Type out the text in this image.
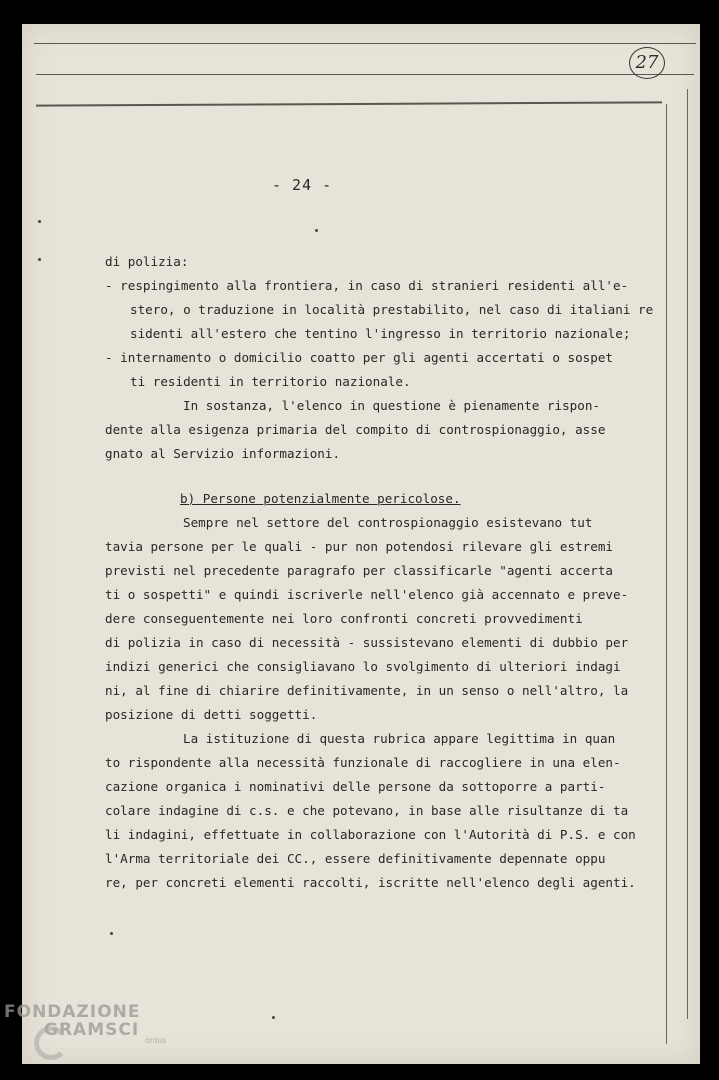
27
- 24 -
di polizia:
- respingimento alla frontiera, in caso di stranieri residenti all'e-
stero, o traduzione in località prestabilito, nel caso di italiani re
sidenti all'estero che tentino l'ingresso in territorio nazionale;
- internamento o domicilio coatto per gli agenti accertati o sospet
ti residenti in territorio nazionale.
In sostanza, l'elenco in questione è pienamente rispon-
dente alla esigenza primaria del compito di controspionaggio, asse
gnato al Servizio informazioni.
b) Persone potenzialmente pericolose.
Sempre nel settore del controspionaggio esistevano tut
tavia persone per le quali - pur non potendosi rilevare gli estremi
previsti nel precedente paragrafo per classificarle "agenti accerta
ti o sospetti" e quindi iscriverle nell'elenco già accennato e preve-
dere conseguentemente nei loro confronti concreti provvedimenti
di polizia in caso di necessità - sussistevano elementi di dubbio per
indizi generici che consigliavano lo svolgimento di ulteriori indagi
ni, al fine di chiarire definitivamente, in un senso o nell'altro, la
posizione di detti soggetti.
La istituzione di questa rubrica appare legittima in quan
to rispondente alla necessità funzionale di raccogliere in una elen-
cazione organica i nominativi delle persone da sottoporre a parti-
colare indagine di c.s. e che potevano, in base alle risultanze di ta
li indagini, effettuate in collaborazione con l'Autorità di P.S. e con
l'Arma territoriale dei CC., essere definitivamente depennate oppu
re, per concreti elementi raccolti, iscritte nell'elenco degli agenti.
FONDAZIONE
GRAMSCI
onlus
